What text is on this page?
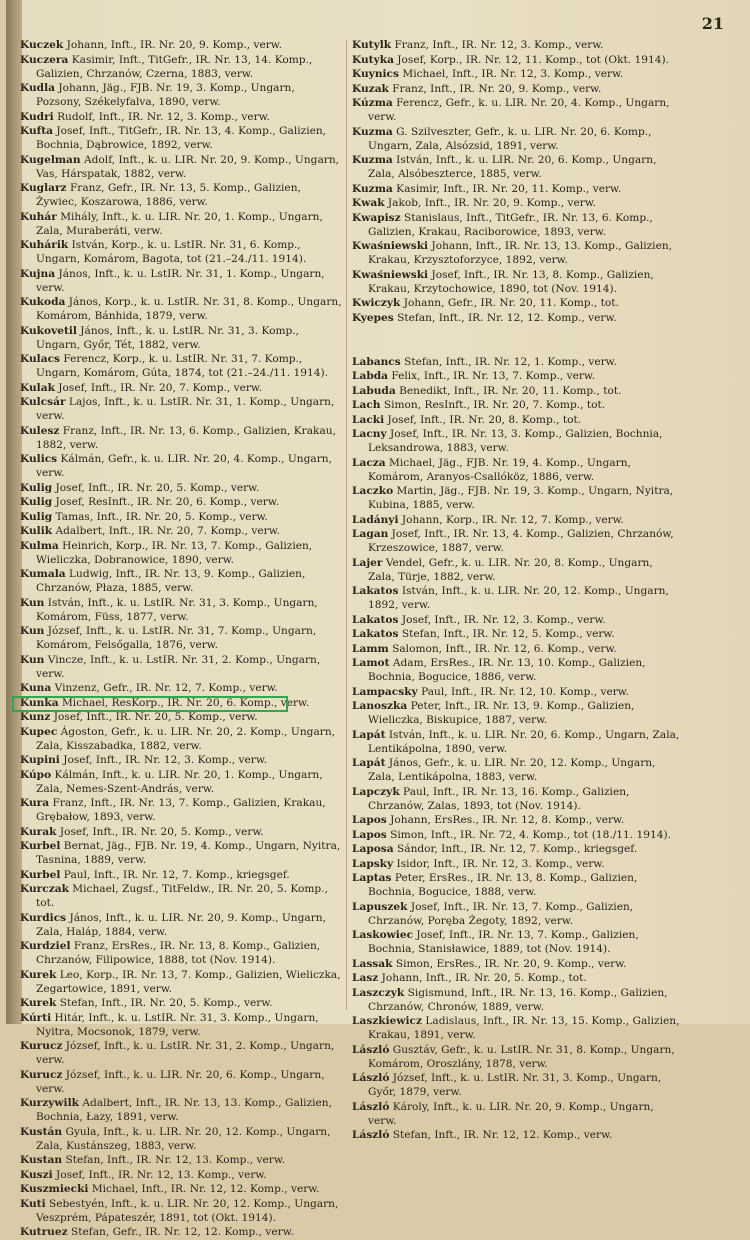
21

Kuczek Johann, Inft., IR. Nr. 20, 9. Komp., verw.

Kuczera Kasimir, Inft., TitGefr., IR. Nr. 13, 14. Komp., Galizien, Chrzanów, Czerna, 1883, verw.

Kudla Johann, Jäg., FJB. Nr. 19, 3. Komp., Ungarn, Pozsony, Székelyfalva, 1890, verw.

Kudri Rudolf, Inft., IR. Nr. 12, 3. Komp., verw.

Kufta Josef, Inft., TitGefr., IR. Nr. 13, 4. Komp., Galizien, Bochnia, Dąbrowice, 1892, verw.

Kugelman Adolf, Inft., k. u. LIR. Nr. 20, 9. Komp., Ungarn, Vas, Hárspatak, 1882, verw.

Kuglarz Franz, Gefr., IR. Nr. 13, 5. Komp., Galizien, Żywiec, Koszarowa, 1886, verw.

Kuhár Mihály, Inft., k. u. LIR. Nr. 20, 1. Komp., Ungarn, Zala, Muraberáti, verw.

Kuhárik István, Korp., k. u. LstIR. Nr. 31, 6. Komp., Ungarn, Komárom, Bagota, tot (21.–24./11. 1914).

Kujna János, Inft., k. u. LstIR. Nr. 31, 1. Komp., Ungarn, verw.

Kukoda János, Korp., k. u. LstIR. Nr. 31, 8. Komp., Ungarn, Komárom, Bánhida, 1879, verw.

Kukovetil János, Inft., k. u. LstIR. Nr. 31, 3. Komp., Ungarn, Győr, Tét, 1882, verw.

Kulacs Ferencz, Korp., k. u. LstIR. Nr. 31, 7. Komp., Ungarn, Komárom, Gúta, 1874, tot (21.–24./11. 1914).

Kulak Josef, Inft., IR. Nr. 20, 7. Komp., verw.

Kulcsár Lajos, Inft., k. u. LstIR. Nr. 31, 1. Komp., Ungarn, verw.

Kulesz Franz, Inft., IR. Nr. 13, 6. Komp., Galizien, Krakau, 1882, verw.

Kulics Kálmán, Gefr., k. u. LIR. Nr. 20, 4. Komp., Ungarn, verw.

Kulig Josef, Inft., IR. Nr. 20, 5. Komp., verw.

Kulig Josef, ResInft., IR. Nr. 20, 6. Komp., verw.

Kulig Tamas, Inft., IR. Nr. 20, 5. Komp., verw.

Kulik Adalbert, Inft., IR. Nr. 20, 7. Komp., verw.

Kulma Heinrich, Korp., IR. Nr. 13, 7. Komp., Galizien, Wieliczka, Dobranowice, 1890, verw.

Kumala Ludwig, Inft., IR. Nr. 13, 9. Komp., Galizien, Chrzanów, Płaza, 1885, verw.

Kun István, Inft., k. u. LstIR. Nr. 31, 3. Komp., Ungarn, Komárom, Füss, 1877, verw.

Kun József, Inft., k. u. LstIR. Nr. 31, 7. Komp., Ungarn, Komárom, Felsőgalla, 1876, verw.

Kun Vincze, Inft., k. u. LstIR. Nr. 31, 2. Komp., Ungarn, verw.

Kuna Vinzenz, Gefr., IR. Nr. 12, 7. Komp., verw.

Kunka Michael, ResKorp., IR. Nr. 20, 6. Komp., verw.

Kunz Josef, Inft., IR. Nr. 20, 5. Komp., verw.

Kupec Ágoston, Gefr., k. u. LIR. Nr. 20, 2. Komp., Ungarn, Zala, Kisszabadka, 1882, verw.

Kupini Josef, Inft., IR. Nr. 12, 3. Komp., verw.

Kúpo Kálmán, Inft., k. u. LIR. Nr. 20, 1. Komp., Ungarn, Zala, Nemes-Szent-András, verw.

Kura Franz, Inft., IR. Nr. 13, 7. Komp., Galizien, Krakau, Grębałow, 1893, verw.

Kurak Josef, Inft., IR. Nr. 20, 5. Komp., verw.

Kurbel Bernat, Jäg., FJB. Nr. 19, 4. Komp., Ungarn, Nyitra, Tasnina, 1889, verw.

Kurbel Paul, Inft., IR. Nr. 12, 7. Komp., kriegsgef.

Kurczak Michael, Zugsf., TitFeldw., IR. Nr. 20, 5. Komp., tot.

Kurdics János, Inft., k. u. LIR. Nr. 20, 9. Komp., Ungarn, Zala, Haláp, 1884, verw.

Kurdziel Franz, ErsRes., IR. Nr. 13, 8. Komp., Galizien, Chrzanów, Filipowice, 1888, tot (Nov. 1914).

Kurek Leo, Korp., IR. Nr. 13, 7. Komp., Galizien, Wieliczka, Zegartowice, 1891, verw.

Kurek Stefan, Inft., IR. Nr. 20, 5. Komp., verw.

Kúrti Hitár, Inft., k. u. LstIR. Nr. 31, 3. Komp., Ungarn, Nyitra, Mocsonok, 1879, verw.

Kurucz József, Inft., k. u. LstIR. Nr. 31, 2. Komp., Ungarn, verw.

Kurucz József, Inft., k. u. LIR. Nr. 20, 6. Komp., Ungarn, verw.

Kurzywilk Adalbert, Inft., IR. Nr. 13, 13. Komp., Galizien, Bochnia, Łazy, 1891, verw.

Kustán Gyula, Inft., k. u. LIR. Nr. 20, 12. Komp., Ungarn, Zala, Kustánszeg, 1883, verw.

Kustan Stefan, Inft., IR. Nr. 12, 13. Komp., verw.

Kuszi Josef, Inft., IR. Nr. 12, 13. Komp., verw.

Kuszmiecki Michael, Inft., IR. Nr. 12, 12. Komp., verw.

Kuti Sebestyén, Inft., k. u. LIR. Nr. 20, 12. Komp., Ungarn, Veszprém, Pápateszér, 1891, tot (Okt. 1914).

Kutruez Stefan, Gefr., IR. Nr. 12, 12. Komp., verw.

Kutylk Franz, Inft., IR. Nr. 12, 3. Komp., verw.

Kutyka Josef, Korp., IR. Nr. 12, 11. Komp., tot (Okt. 1914).

Kuynics Michael, Inft., IR. Nr. 12, 3. Komp., verw.

Kuzak Franz, Inft., IR. Nr. 20, 9. Komp., verw.

Kúzma Ferencz, Gefr., k. u. LIR. Nr. 20, 4. Komp., Ungarn, verw.

Kuzma G. Szilveszter, Gefr., k. u. LIR. Nr. 20, 6. Komp., Ungarn, Zala, Alsózsid, 1891, verw.

Kuzma István, Inft., k. u. LIR. Nr. 20, 6. Komp., Ungarn, Zala, Alsóbeszterce, 1885, verw.

Kuzma Kasimir, Inft., IR. Nr. 20, 11. Komp., verw.

Kwak Jakob, Inft., IR. Nr. 20, 9. Komp., verw.

Kwapisz Stanislaus, Inft., TitGefr., IR. Nr. 13, 6. Komp., Galizien, Krakau, Raciborowice, 1893, verw.

Kwaśniewski Johann, Inft., IR. Nr. 13, 13. Komp., Galizien, Krakau, Krzysztoforzyce, 1892, verw.

Kwaśniewski Josef, Inft., IR. Nr. 13, 8. Komp., Galizien, Krakau, Krzytochowice, 1890, tot (Nov. 1914).

Kwiczyk Johann, Gefr., IR. Nr. 20, 11. Komp., tot.

Kyepes Stefan, Inft., IR. Nr. 12, 12. Komp., verw.

Labancs Stefan, Inft., IR. Nr. 12, 1. Komp., verw.

Labda Felix, Inft., IR. Nr. 13, 7. Komp., verw.

Labuda Benedikt, Inft., IR. Nr. 20, 11. Komp., tot.

Lach Simon, ResInft., IR. Nr. 20, 7. Komp., tot.

Lacki Josef, Inft., IR. Nr. 20, 8. Komp., tot.

Lacny Josef, Inft., IR. Nr. 13, 3. Komp., Galizien, Bochnia, Leksandrowa, 1883, verw.

Lacza Michael, Jäg., FJB. Nr. 19, 4. Komp., Ungarn, Komárom, Aranyos-Csallóköz, 1886, verw.

Laczko Martin, Jäg., FJB. Nr. 19, 3. Komp., Ungarn, Nyitra, Kubina, 1885, verw.

Ladányi Johann, Korp., IR. Nr. 12, 7. Komp., verw.

Lagan Josef, Inft., IR. Nr. 13, 4. Komp., Galizien, Chrzanów, Krzeszowice, 1887, verw.

Lajer Vendel, Gefr., k. u. LIR. Nr. 20, 8. Komp., Ungarn, Zala, Türje, 1882, verw.

Lakatos István, Inft., k. u. LIR. Nr. 20, 12. Komp., Ungarn, 1892, verw.

Lakatos Josef, Inft., IR. Nr. 12, 3. Komp., verw.

Lakatos Stefan, Inft., IR. Nr. 12, 5. Komp., verw.

Lamm Salomon, Inft., IR. Nr. 12, 6. Komp., verw.

Lamot Adam, ErsRes., IR. Nr. 13, 10. Komp., Galizien, Bochnia, Bogucice, 1886, verw.

Lampacsky Paul, Inft., IR. Nr. 12, 10. Komp., verw.

Lanoszka Peter, Inft., IR. Nr. 13, 9. Komp., Galizien, Wieliczka, Biskupice, 1887, verw.

Lapát István, Inft., k. u. LIR. Nr. 20, 6. Komp., Ungarn, Zala, Lentikápolna, 1890, verw.

Lapát János, Gefr., k. u. LIR. Nr. 20, 12. Komp., Ungarn, Zala, Lentikápolna, 1883, verw.

Lapczyk Paul, Inft., IR. Nr. 13, 16. Komp., Galizien, Chrzanów, Zalas, 1893, tot (Nov. 1914).

Lapos Johann, ErsRes., IR. Nr. 12, 8. Komp., verw.

Lapos Simon, Inft., IR. Nr. 72, 4. Komp., tot (18./11. 1914).

Laposa Sándor, Inft., IR. Nr. 12, 7. Komp., kriegsgef.

Lapsky Isidor, Inft., IR. Nr. 12, 3. Komp., verw.

Laptas Peter, ErsRes., IR. Nr. 13, 8. Komp., Galizien, Bochnia, Bogucice, 1888, verw.

Lapuszek Josef, Inft., IR. Nr. 13, 7. Komp., Galizien, Chrzanów, Poręba Żegoty, 1892, verw.

Laskowiec Josef, Inft., IR. Nr. 13, 7. Komp., Galizien, Bochnia, Stanisławice, 1889, tot (Nov. 1914).

Lassak Simon, ErsRes., IR. Nr. 20, 9. Komp., verw.

Lasz Johann, Inft., IR. Nr. 20, 5. Komp., tot.

Laszczyk Sigismund, Inft., IR. Nr. 13, 16. Komp., Galizien, Chrzanów, Chronów, 1889, verw.

Laszkiewicz Ladislaus, Inft., IR. Nr. 13, 15. Komp., Galizien, Krakau, 1891, verw.

László Gusztáv, Gefr., k. u. LstIR. Nr. 31, 8. Komp., Ungarn, Komárom, Oroszlány, 1878, verw.

László József, Inft., k. u. LstIR. Nr. 31, 3. Komp., Ungarn, Győr, 1879, verw.

László Károly, Inft., k. u. LIR. Nr. 20, 9. Komp., Ungarn, verw.

László Stefan, Inft., IR. Nr. 12, 12. Komp., verw.
